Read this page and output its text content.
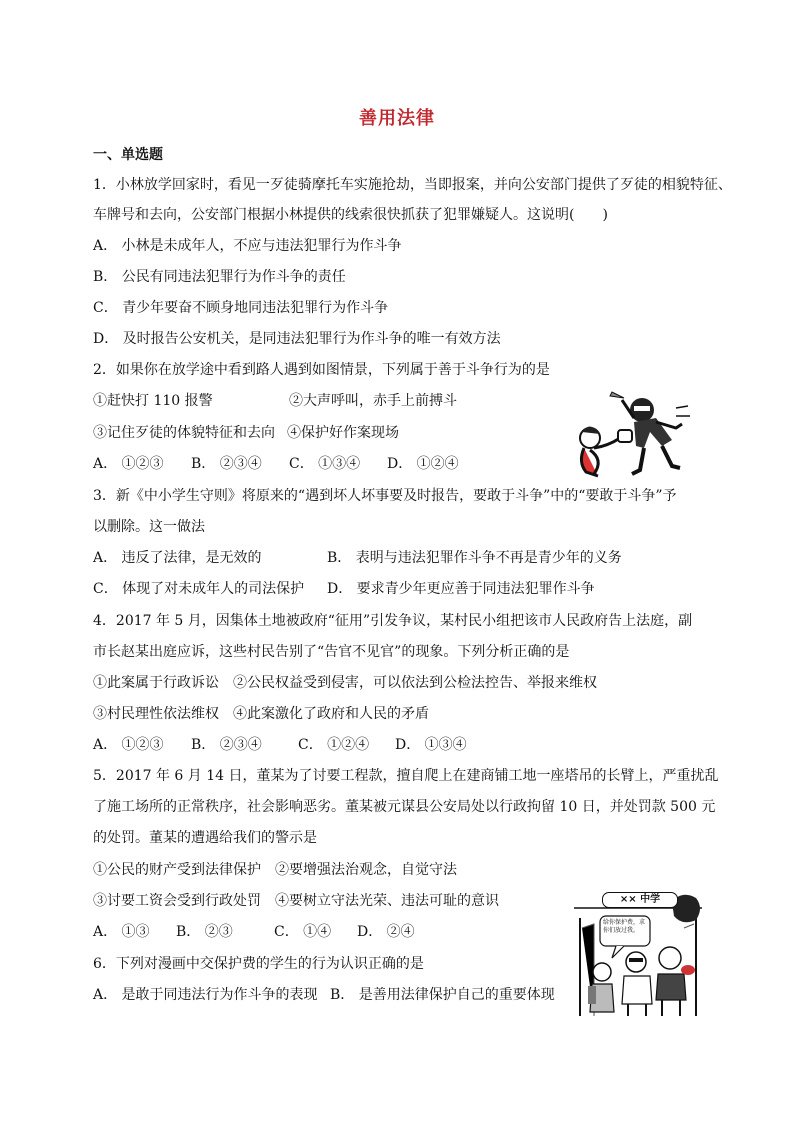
善用法律
一、单选题
1．小林放学回家时，看见一歹徒骑摩托车实施抢劫，当即报案，并向公安部门提供了歹徒的相貌特征、
车牌号和去向，公安部门根据小林提供的线索很快抓获了犯罪嫌疑人。这说明(　　)
A． 小林是未成年人，不应与违法犯罪行为作斗争
B． 公民有同违法犯罪行为作斗争的责任
C． 青少年要奋不顾身地同违法犯罪行为作斗争
D． 及时报告公安机关，是同违法犯罪行为作斗争的唯一有效方法
2．如果你在放学途中看到路人遇到如图情景，下列属于善于斗争行为的是
①赶快打 110 报警	②大声呼叫，赤手上前搏斗
③记住歹徒的体貌特征和去向 ④保护好作案现场
A． ①②③ B． ②③④ C． ①③④ D． ①②④
3．新《中小学生守则》将原来的“遇到坏人坏事要及时报告，要敢于斗争”中的“要敢于斗争”予
以删除。这一做法
A． 违反了法律，是无效的	B． 表明与违法犯罪作斗争不再是青少年的义务
C． 体现了对未成年人的司法保护 D． 要求青少年更应善于同违法犯罪作斗争
4．2017 年 5 月，因集体土地被政府“征用”引发争议，某村民小组把该市人民政府告上法庭，副
市长赵某出庭应诉，这些村民告别了“告官不见官”的现象。下列分析正确的是
①此案属于行政诉讼　②公民权益受到侵害，可以依法到公检法控告、举报来维权
③村民理性依法维权　④此案激化了政府和人民的矛盾
A． ①②③ B． ②③④	C． ①②④ D． ①③④
5．2017 年 6 月 14 日，董某为了讨要工程款，擅自爬上在建商铺工地一座塔吊的长臂上，严重扰乱
了施工场所的正常秩序，社会影响恶劣。董某被元谋县公安局处以行政拘留 10 日，并处罚款 500 元
的处罚。董某的遭遇给我们的警示是
①公民的财产受到法律保护　②要增强法治观念，自觉守法
③讨要工资会受到行政处罚　④要树立守法光荣、违法可耻的意识
A． ①③ B． ②③	C． ①④ D． ②④
6．下列对漫画中交保护费的学生的行为认识正确的是
A． 是敢于同违法行为作斗争的表现 B． 是善用法律保护自己的重要体现
×× 中学
给你保护费，求你们放过我。
